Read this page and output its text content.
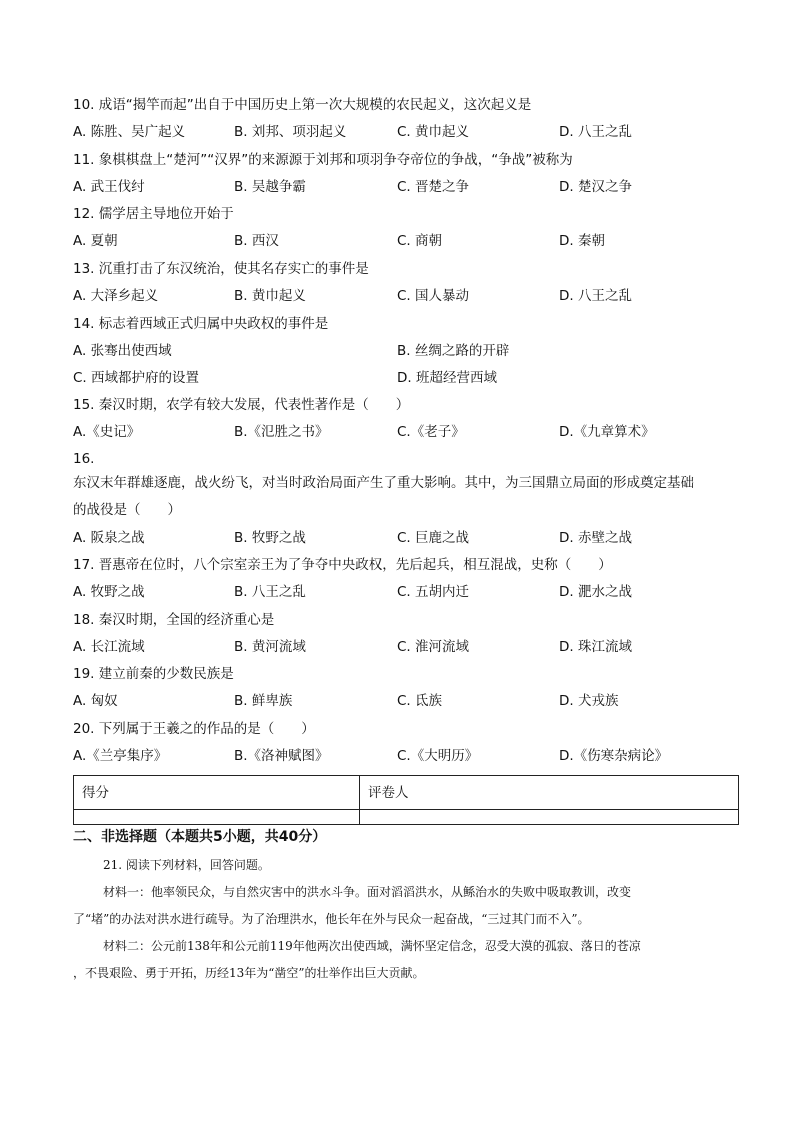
10. 成语“揭竿而起”出自于中国历史上第一次大规模的农民起义，这次起义是
A. 陈胜、吴广起义	B. 刘邦、项羽起义	C. 黄巾起义	D. 八王之乱
11. 象棋棋盘上“楚河”“汉界”的来源源于刘邦和项羽争夺帝位的争战，“争战”被称为
A. 武王伐纣	B. 吴越争霸	C. 晋楚之争	D. 楚汉之争
12. 儒学居主导地位开始于
A. 夏朝	B. 西汉	C. 商朝	D. 秦朝
13. 沉重打击了东汉统治，使其名存实亡的事件是
A. 大泽乡起义	B. 黄巾起义	C. 国人暴动	D. 八王之乱
14. 标志着西域正式归属中央政权的事件是
A. 张骞出使西域	B. 丝绸之路的开辟
C. 西域都护府的设置	D. 班超经营西域
15. 秦汉时期，农学有较大发展，代表性著作是（　　）
A.《史记》	B.《氾胜之书》	C.《老子》	D.《九章算术》
16.
东汉末年群雄逐鹿，战火纷飞，对当时政治局面产生了重大影响。其中，为三国鼎立局面的形成奠定基础
的战役是（　　）
A. 阪泉之战	B. 牧野之战	C. 巨鹿之战	D. 赤壁之战
17. 晋惠帝在位时，八个宗室亲王为了争夺中央政权，先后起兵，相互混战，史称（　　）
A. 牧野之战	B. 八王之乱	C. 五胡内迁	D. 淝水之战
18. 秦汉时期，全国的经济重心是
A. 长江流域	B. 黄河流域	C. 淮河流域	D. 珠江流域
19. 建立前秦的少数民族是
A. 匈奴	B. 鲜卑族	C. 氐族	D. 犬戎族
20. 下列属于王羲之的作品的是（　　）
A.《兰亭集序》	B.《洛神赋图》	C.《大明历》	D.《伤寒杂病论》
得分	评卷人
二、非选择题（本题共5小题，共40分）
21. 阅读下列材料，回答问题。
材料一：他率领民众，与自然灾害中的洪水斗争。面对滔滔洪水，从鲧治水的失败中吸取教训，改变
了“堵”的办法对洪水进行疏导。为了治理洪水，他长年在外与民众一起奋战，“三过其门而不入”。
材料二：公元前138年和公元前119年他两次出使西域，满怀坚定信念，忍受大漠的孤寂、落日的苍凉
，不畏艰险、勇于开拓，历经13年为“凿空”的壮举作出巨大贡献。
